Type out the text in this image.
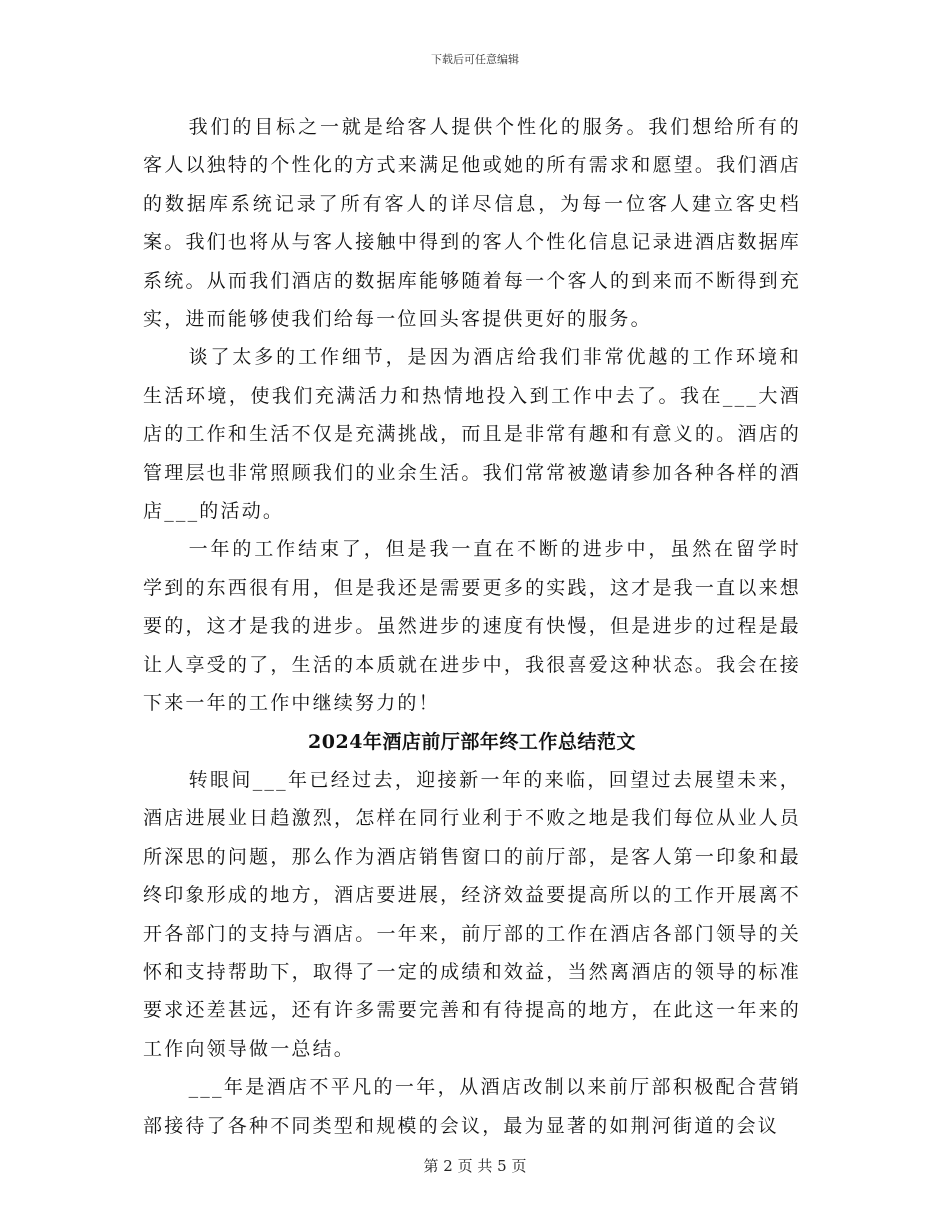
下载后可任意编辑

我们的目标之一就是给客人提供个性化的服务。我们想给所有的客人以独特的个性化的方式来满足他或她的所有需求和愿望。我们酒店的数据库系统记录了所有客人的详尽信息，为每一位客人建立客史档案。我们也将从与客人接触中得到的客人个性化信息记录进酒店数据库系统。从而我们酒店的数据库能够随着每一个客人的到来而不断得到充实，进而能够使我们给每一位回头客提供更好的服务。

谈了太多的工作细节，是因为酒店给我们非常优越的工作环境和生活环境，使我们充满活力和热情地投入到工作中去了。我在___大酒店的工作和生活不仅是充满挑战，而且是非常有趣和有意义的。酒店的管理层也非常照顾我们的业余生活。我们常常被邀请参加各种各样的酒店___的活动。

一年的工作结束了，但是我一直在不断的进步中，虽然在留学时学到的东西很有用，但是我还是需要更多的实践，这才是我一直以来想要的，这才是我的进步。虽然进步的速度有快慢，但是进步的过程是最让人享受的了，生活的本质就在进步中，我很喜爱这种状态。我会在接下来一年的工作中继续努力的！

2024年酒店前厅部年终工作总结范文

转眼间___年已经过去，迎接新一年的来临，回望过去展望未来，酒店进展业日趋激烈，怎样在同行业利于不败之地是我们每位从业人员所深思的问题，那么作为酒店销售窗口的前厅部，是客人第一印象和最终印象形成的地方，酒店要进展，经济效益要提高所以的工作开展离不开各部门的支持与酒店。一年来，前厅部的工作在酒店各部门领导的关怀和支持帮助下，取得了一定的成绩和效益，当然离酒店的领导的标准要求还差甚远，还有许多需要完善和有待提高的地方，在此这一年来的工作向领导做一总结。

___年是酒店不平凡的一年，从酒店改制以来前厅部积极配合营销部接待了各种不同类型和规模的会议，最为显著的如荆河街道的会议

第 2 页 共 5 页
